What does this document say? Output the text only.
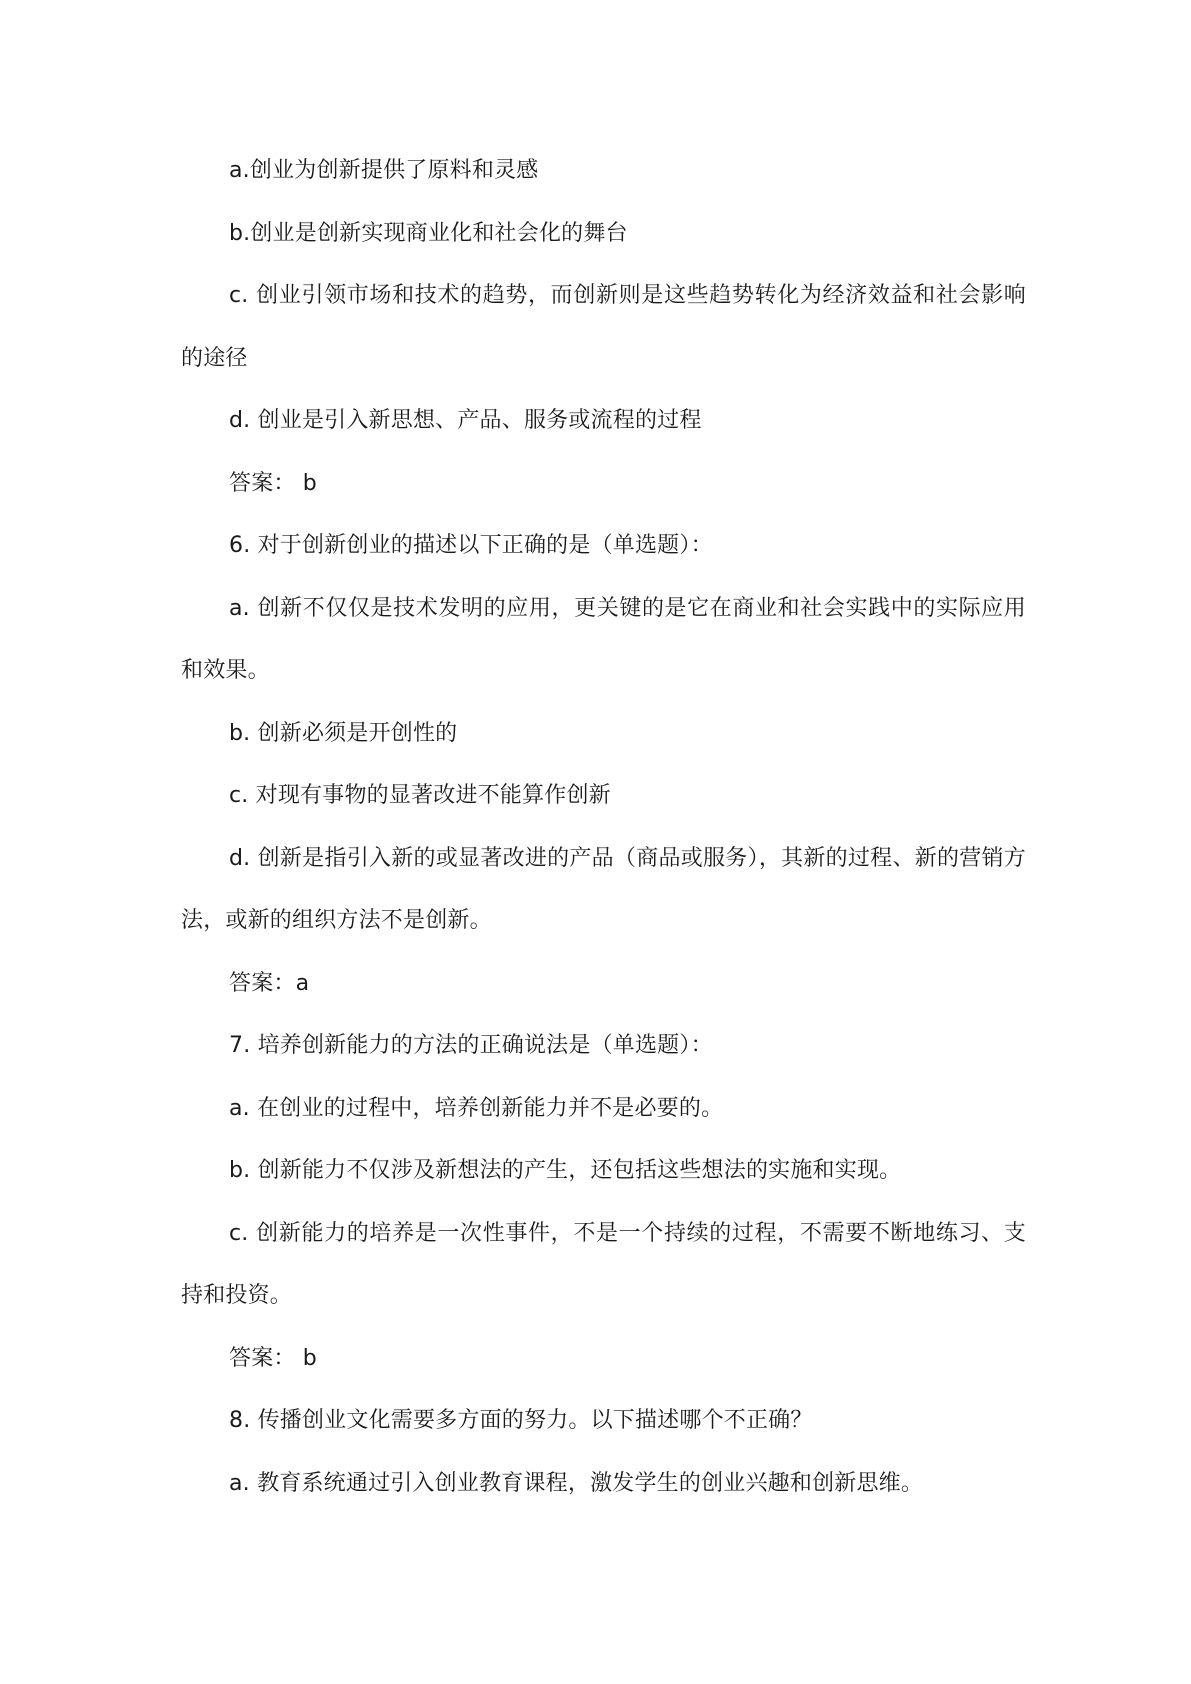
a.创业为创新提供了原料和灵感

b.创业是创新实现商业化和社会化的舞台

c. 创业引领市场和技术的趋势，而创新则是这些趋势转化为经济效益和社会影响的途径

d. 创业是引入新思想、产品、服务或流程的过程

答案： b

6. 对于创新创业的描述以下正确的是（单选题）：

a. 创新不仅仅是技术发明的应用，更关键的是它在商业和社会实践中的实际应用和效果。

b. 创新必须是开创性的

c. 对现有事物的显著改进不能算作创新

d. 创新是指引入新的或显著改进的产品（商品或服务），其新的过程、新的营销方法，或新的组织方法不是创新。

答案：a

7. 培养创新能力的方法的正确说法是（单选题）：

a. 在创业的过程中，培养创新能力并不是必要的。

b. 创新能力不仅涉及新想法的产生，还包括这些想法的实施和实现。

c. 创新能力的培养是一次性事件，不是一个持续的过程，不需要不断地练习、支持和投资。

答案： b

8. 传播创业文化需要多方面的努力。以下描述哪个不正确？

a. 教育系统通过引入创业教育课程，激发学生的创业兴趣和创新思维。
